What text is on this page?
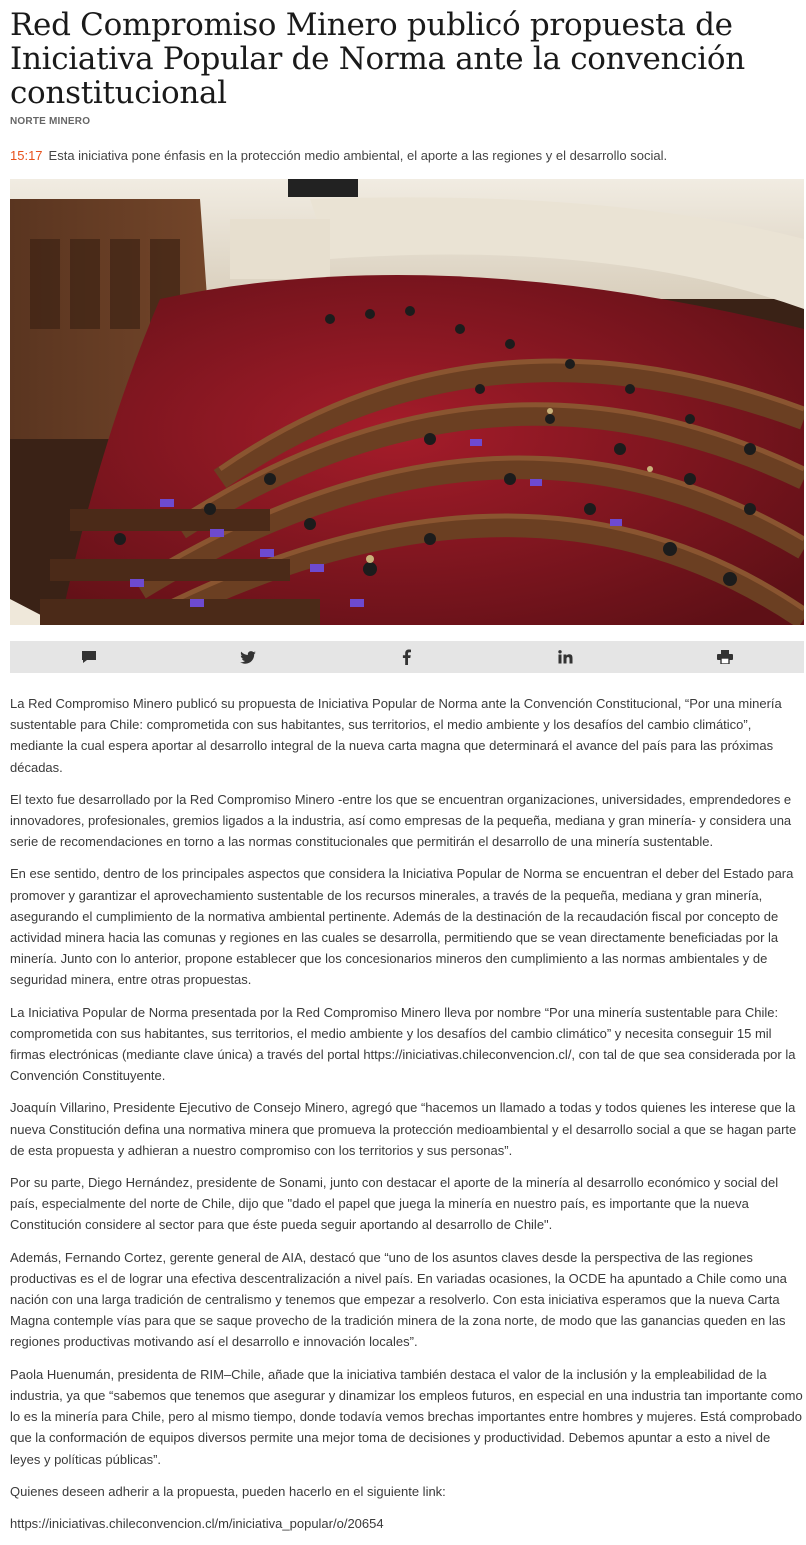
Red Compromiso Minero publicó propuesta de Iniciativa Popular de Norma ante la convención constitucional
NORTE MINERO
15:17 Esta iniciativa pone énfasis en la protección medio ambiental, el aporte a las regiones y el desarrollo social.

La Red Compromiso Minero publicó su propuesta de Iniciativa Popular de Norma ante la Convención Constitucional, “Por una minería sustentable para Chile: comprometida con sus habitantes, sus territorios, el medio ambiente y los desafíos del cambio climático”, mediante la cual espera aportar al desarrollo integral de la nueva carta magna que determinará el avance del país para las próximas décadas.

El texto fue desarrollado por la Red Compromiso Minero -entre los que se encuentran organizaciones, universidades, emprendedores e innovadores, profesionales, gremios ligados a la industria, así como empresas de la pequeña, mediana y gran minería- y considera una serie de recomendaciones en torno a las normas constitucionales que permitirán el desarrollo de una minería sustentable.

En ese sentido, dentro de los principales aspectos que considera la Iniciativa Popular de Norma se encuentran el deber del Estado para promover y garantizar el aprovechamiento sustentable de los recursos minerales, a través de la pequeña, mediana y gran minería, asegurando el cumplimiento de la normativa ambiental pertinente. Además de la destinación de la recaudación fiscal por concepto de actividad minera hacia las comunas y regiones en las cuales se desarrolla, permitiendo que se vean directamente beneficiadas por la minería. Junto con lo anterior, propone establecer que los concesionarios mineros den cumplimiento a las normas ambientales y de seguridad minera, entre otras propuestas.

La Iniciativa Popular de Norma presentada por la Red Compromiso Minero lleva por nombre “Por una minería sustentable para Chile: comprometida con sus habitantes, sus territorios, el medio ambiente y los desafíos del cambio climático” y necesita conseguir 15 mil firmas electrónicas (mediante clave única) a través del portal https://iniciativas.chileconvencion.cl/, con tal de que sea considerada por la Convención Constituyente.

Joaquín Villarino, Presidente Ejecutivo de Consejo Minero, agregó que “hacemos un llamado a todas y todos quienes les interese que la nueva Constitución defina una normativa minera que promueva la protección medioambiental y el desarrollo social a que se hagan parte de esta propuesta y adhieran a nuestro compromiso con los territorios y sus personas”.

Por su parte, Diego Hernández, presidente de Sonami, junto con destacar el aporte de la minería al desarrollo económico y social del país, especialmente del norte de Chile, dijo que "dado el papel que juega la minería en nuestro país, es importante que la nueva Constitución considere al sector para que éste pueda seguir aportando al desarrollo de Chile".

Además, Fernando Cortez, gerente general de AIA, destacó que “uno de los asuntos claves desde la perspectiva de las regiones productivas es el de lograr una efectiva descentralización a nivel país. En variadas ocasiones, la OCDE ha apuntado a Chile como una nación con una larga tradición de centralismo y tenemos que empezar a resolverlo. Con esta iniciativa esperamos que la nueva Carta Magna contemple vías para que se saque provecho de la tradición minera de la zona norte, de modo que las ganancias queden en las regiones productivas motivando así el desarrollo e innovación locales”.

Paola Huenumán, presidenta de RIM–Chile, añade que la iniciativa también destaca el valor de la inclusión y la empleabilidad de la industria, ya que “sabemos que tenemos que asegurar y dinamizar los empleos futuros, en especial en una industria tan importante como lo es la minería para Chile, pero al mismo tiempo, donde todavía vemos brechas importantes entre hombres y mujeres. Está comprobado que la conformación de equipos diversos permite una mejor toma de decisiones y productividad. Debemos apuntar a esto a nivel de leyes y políticas públicas”.

Quienes deseen adherir a la propuesta, pueden hacerlo en el siguiente link:

https://iniciativas.chileconvencion.cl/m/iniciativa_popular/o/20654
